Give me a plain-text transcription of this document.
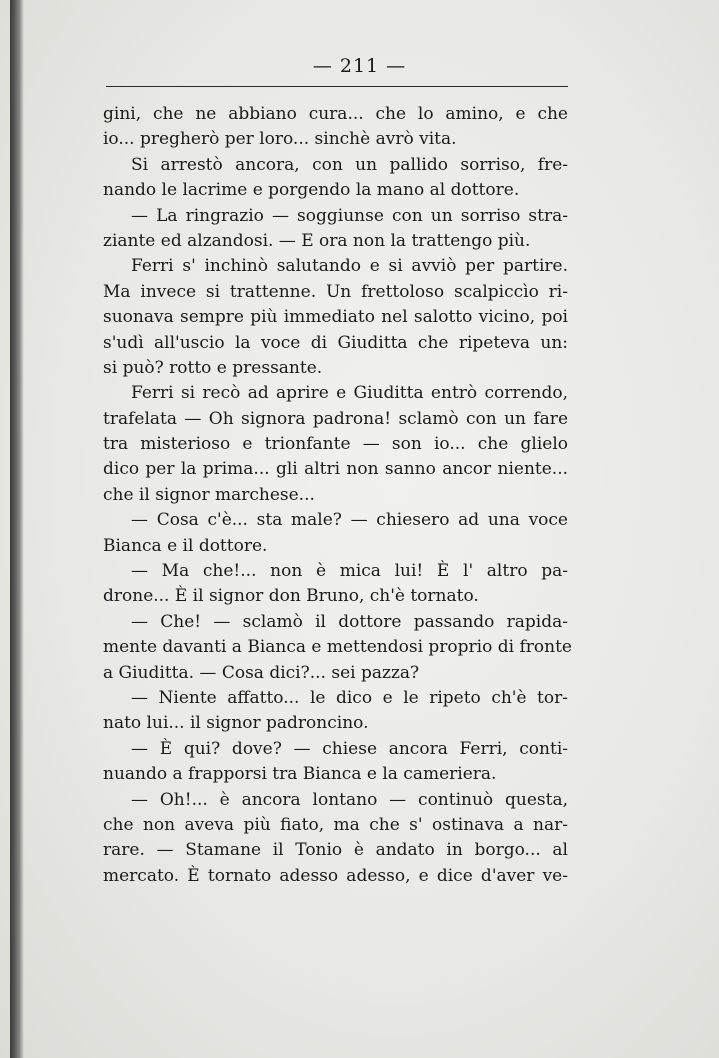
— 211 —
gini, che ne abbiano cura... che lo amino, e che
io... pregherò per loro... sinchè avrò vita.
Si arrestò ancora, con un pallido sorriso, fre-
nando le lacrime e porgendo la mano al dottore.
— La ringrazio — soggiunse con un sorriso stra-
ziante ed alzandosi. — E ora non la trattengo più.
Ferri s' inchinò salutando e si avviò per partire.
Ma invece si trattenne. Un frettoloso scalpiccìo ri-
suonava sempre più immediato nel salotto vicino, poi
s'udì all'uscio la voce di Giuditta che ripeteva un:
si può? rotto e pressante.
Ferri si recò ad aprire e Giuditta entrò correndo,
trafelata — Oh signora padrona! sclamò con un fare
tra misterioso e trionfante — son io... che glielo
dico per la prima... gli altri non sanno ancor niente...
che il signor marchese...
— Cosa c'è... sta male? — chiesero ad una voce
Bianca e il dottore.
— Ma che!... non è mica lui! È l' altro pa-
drone... È il signor don Bruno, ch'è tornato.
— Che! — sclamò il dottore passando rapida-
mente davanti a Bianca e mettendosi proprio di fronte
a Giuditta. — Cosa dici?... sei pazza?
— Niente affatto... le dico e le ripeto ch'è tor-
nato lui... il signor padroncino.
— È qui? dove? — chiese ancora Ferri, conti-
nuando a frapporsi tra Bianca e la cameriera.
— Oh!... è ancora lontano — continuò questa,
che non aveva più fiato, ma che s' ostinava a nar-
rare. — Stamane il Tonio è andato in borgo... al
mercato. È tornato adesso adesso, e dice d'aver ve-
